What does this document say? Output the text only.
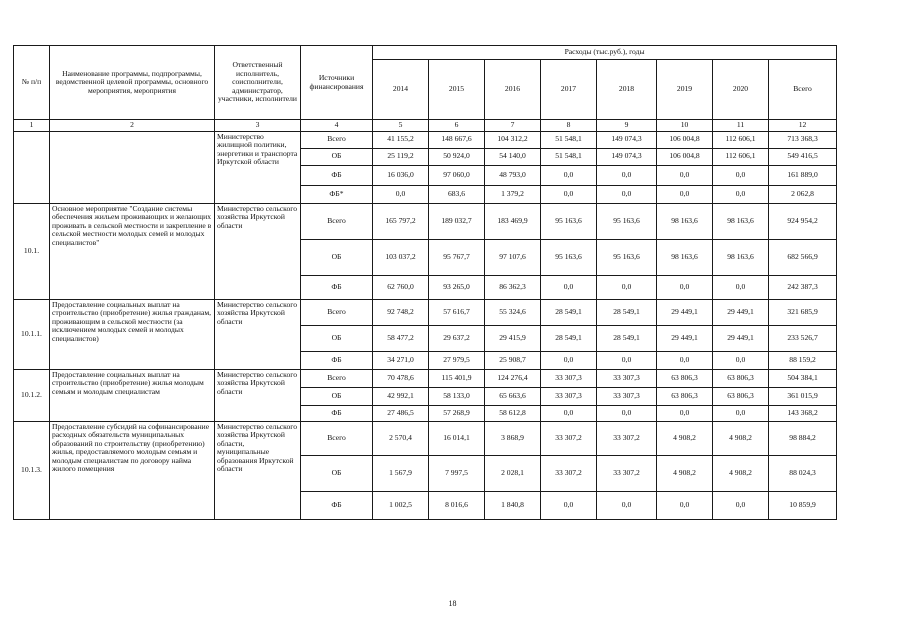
№ п/п	Наименование программы, подпрограммы, ведомственной целевой программы, основного мероприятия, мероприятия	Ответственный исполнитель, соисполнители, администратор, участники, исполнители	Источники финансирования	Расходы (тыс.руб.), годы							
				2014	2015	2016	2017	2018	2019	2020	Всего
1	2	3	4	5	6	7	8	9	10	11	12
		Министерство жилищной политики, энергетики и транспорта Иркутской области	Всего	41 155,2	148 667,6	104 312,2	51 548,1	149 074,3	106 004,8	112 606,1	713 368,3
			ОБ	25 119,2	50 924,0	54 140,0	51 548,1	149 074,3	106 004,8	112 606,1	549 416,5
			ФБ	16 036,0	97 060,0	48 793,0	0,0	0,0	0,0	0,0	161 889,0
			ФБ*	0,0	683,6	1 379,2	0,0	0,0	0,0	0,0	2 062,8
10.1.	Основное мероприятие "Создание системы обеспечения жильем проживающих и желающих проживать в сельской местности и закрепление в сельской местности молодых семей и молодых специалистов"	Министерство сельского хозяйства Иркутской области	Всего	165 797,2	189 032,7	183 469,9	95 163,6	95 163,6	98 163,6	98 163,6	924 954,2
			ОБ	103 037,2	95 767,7	97 107,6	95 163,6	95 163,6	98 163,6	98 163,6	682 566,9
			ФБ	62 760,0	93 265,0	86 362,3	0,0	0,0	0,0	0,0	242 387,3
10.1.1.	Предоставление социальных выплат на строительство (приобретение) жилья гражданам, проживающим в сельской местности (за исключением молодых семей и молодых специалистов)	Министерство сельского хозяйства Иркутской области	Всего	92 748,2	57 616,7	55 324,6	28 549,1	28 549,1	29 449,1	29 449,1	321 685,9
			ОБ	58 477,2	29 637,2	29 415,9	28 549,1	28 549,1	29 449,1	29 449,1	233 526,7
			ФБ	34 271,0	27 979,5	25 908,7	0,0	0,0	0,0	0,0	88 159,2
10.1.2.	Предоставление социальных выплат на строительство (приобретение) жилья молодым семьям и молодым специалистам	Министерство сельского хозяйства Иркутской области	Всего	70 478,6	115 401,9	124 276,4	33 307,3	33 307,3	63 806,3	63 806,3	504 384,1
			ОБ	42 992,1	58 133,0	65 663,6	33 307,3	33 307,3	63 806,3	63 806,3	361 015,9
			ФБ	27 486,5	57 268,9	58 612,8	0,0	0,0	0,0	0,0	143 368,2
10.1.3.	Предоставление субсидий на софинансирование расходных обязательств муниципальных образований по строительству (приобретению) жилья, предоставляемого молодым семьям и молодым специалистам по договору найма жилого помещения	Министерство сельского хозяйства Иркутской области, муниципальные образования Иркутской области	Всего	2 570,4	16 014,1	3 868,9	33 307,2	33 307,2	4 908,2	4 908,2	98 884,2
			ОБ	1 567,9	7 997,5	2 028,1	33 307,2	33 307,2	4 908,2	4 908,2	88 024,3
			ФБ	1 002,5	8 016,6	1 840,8	0,0	0,0	0,0	0,0	10 859,9
18
